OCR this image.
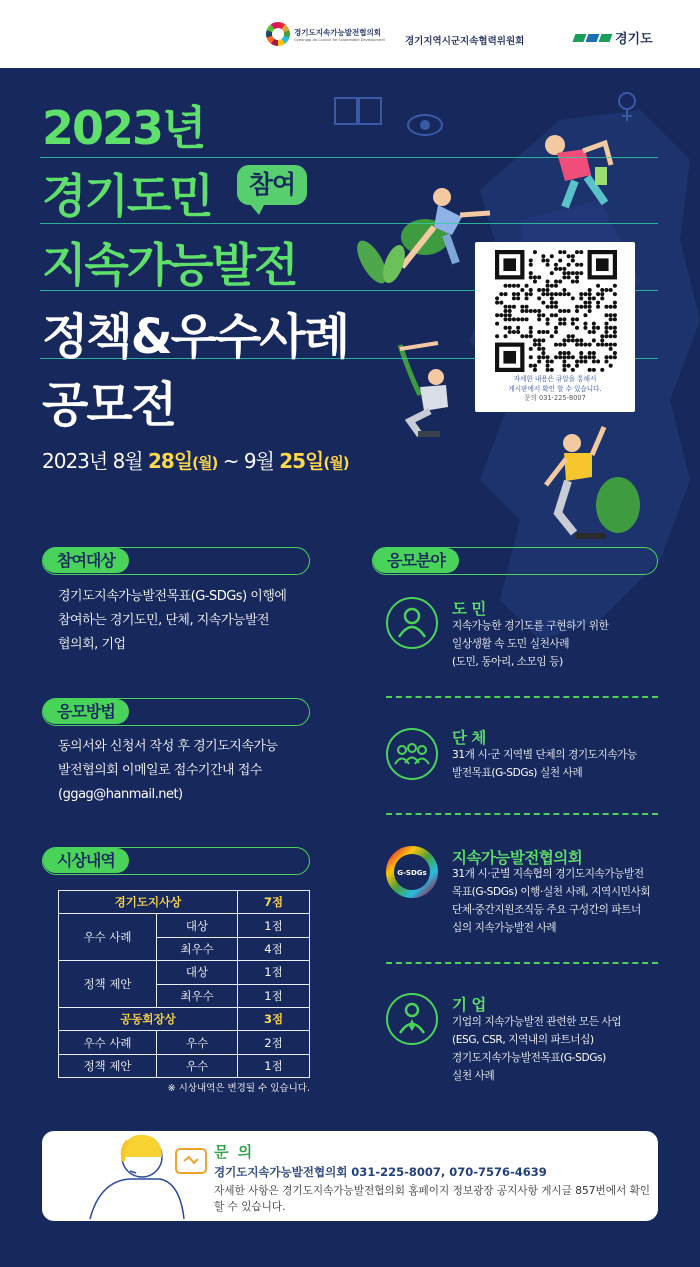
경기도지속가능발전협의회
Gyeonggi-do Council for Sustainable Development 경기지역시군지속협력위원회	경기도
2023년
경기도민	참여
지속가능발전
정책&우수사례
공모전
2023년 8월 28일(월) ~ 9월 25일(월)
자세한 내용은 큐알을 통해서
게시판에서 확인 할 수 있습니다.
문의 031-225-8007
참여대상
경기도지속가능발전목표(G-SDGs) 이행에
참여하는 경기도민, 단체, 지속가능발전
협의회, 기업
응모방법
동의서와 신청서 작성 후 경기도지속가능
발전협의회 이메일로 접수기간내 접수
(ggag@hanmail.net)
시상내역
경기도지사상		7점
우수 사례	대상	1점
	최우수	4점
정책 제안	대상	1점
	최우수	1점
공동회장상		3점
우수 사례	우수	2점
정책 제안	우수	1점
※ 시상내역은 변경될 수 있습니다.
응모분야
도 민
지속가능한 경기도를 구현하기 위한
일상생활 속 도민 실천사례
(도민, 동아리, 소모임 등)
단 체
31개 시·군 지역별 단체의 경기도지속가능
발전목표(G-SDGs) 실천 사례
G-SDGs
지속가능발전협의회
31개 시·군별 지속협의 경기도지속가능발전
목표(G-SDGs) 이행·실천 사례, 지역시민사회
단체·중간지원조직등 주요 구성간의 파트너
십의 지속가능발전 사례
기 업
기업의 지속가능발전 관련한 모든 사업
(ESG, CSR, 지역내의 파트너십)
경기도지속가능발전목표(G-SDGs)
실천 사례
문 의
경기도지속가능발전협의회 031-225-8007, 070-7576-4639
자세한 사항은 경기도지속가능발전협의회 홈페이지 정보광장 공지사항 게시글 857번에서 확인할 수 있습니다.
